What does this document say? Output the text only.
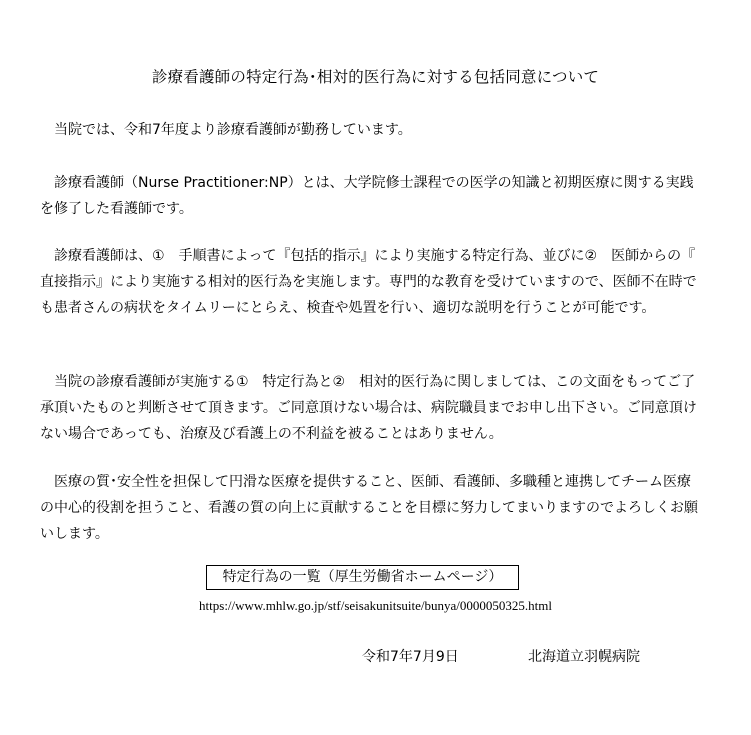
診療看護師の特定行為･相対的医行為に対する包括同意について

当院では、令和7年度より診療看護師が勤務しています。

診療看護師（Nurse Practitioner:NP）とは、大学院修士課程での医学の知識と初期医療に関する実践を修了した看護師です。

診療看護師は、①　手順書によって『包括的指示』により実施する特定行為、並びに②　医師からの『直接指示』により実施する相対的医行為を実施します。専門的な教育を受けていますので、医師不在時でも患者さんの病状をタイムリーにとらえ、検査や処置を行い、適切な説明を行うことが可能です。

当院の診療看護師が実施する①　特定行為と②　相対的医行為に関しましては、この文面をもってご了承頂いたものと判断させて頂きます。ご同意頂けない場合は、病院職員までお申し出下さい。ご同意頂けない場合であっても、治療及び看護上の不利益を被ることはありません。

医療の質･安全性を担保して円滑な医療を提供すること、医師、看護師、多職種と連携してチーム医療の中心的役割を担うこと、看護の質の向上に貢献することを目標に努力してまいりますのでよろしくお願いします。

特定行為の一覧（厚生労働省ホームページ）
https://www.mhlw.go.jp/stf/seisakunitsuite/bunya/0000050325.html
令和7年7月9日	北海道立羽幌病院
